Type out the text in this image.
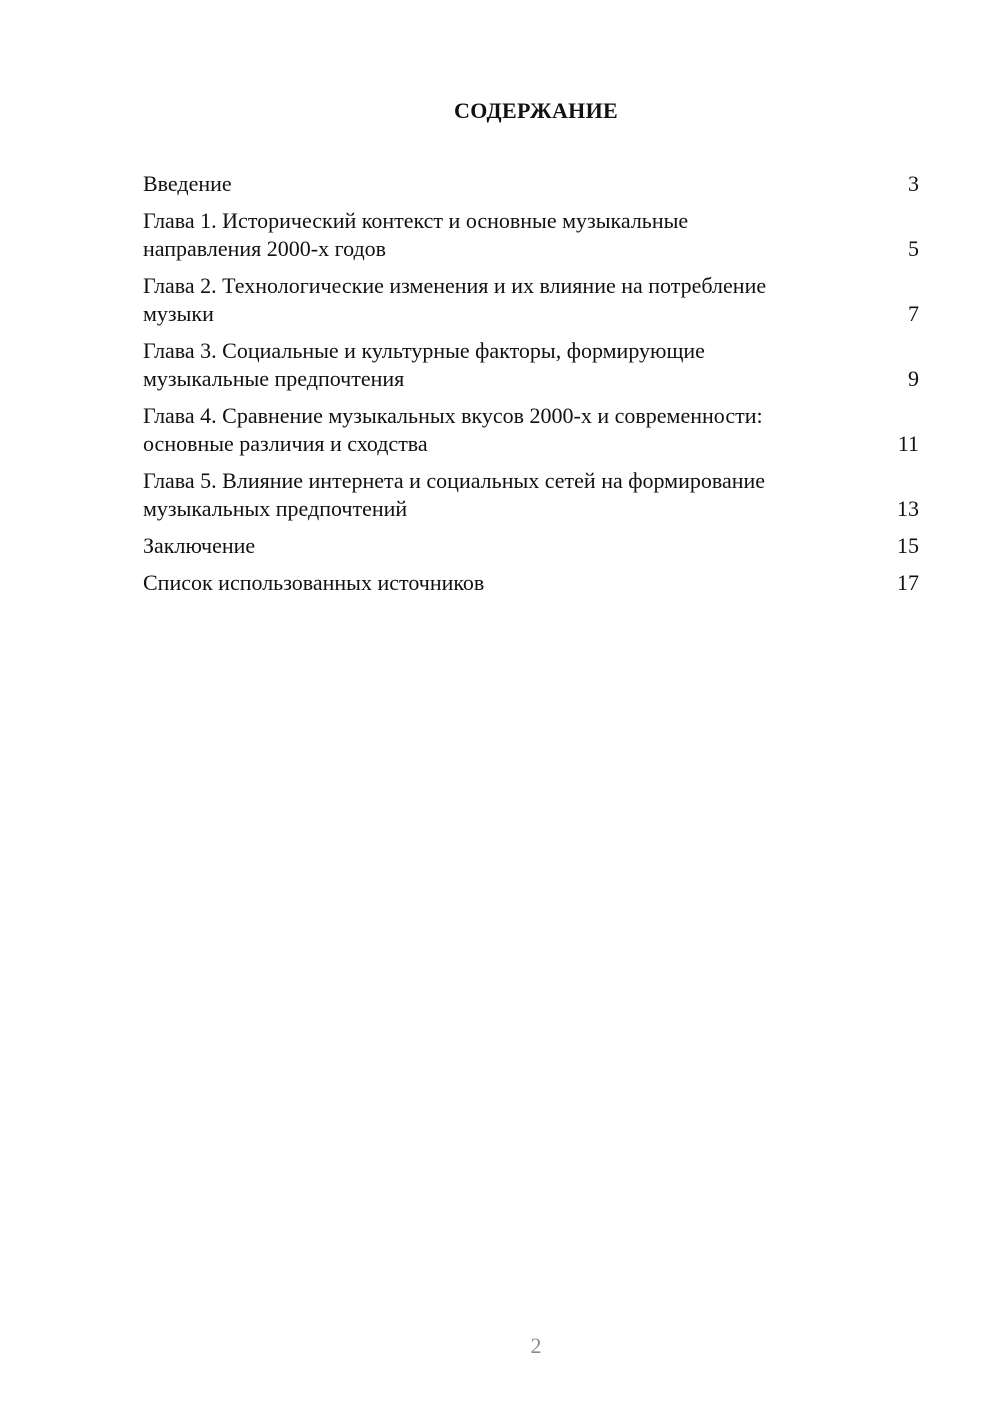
СОДЕРЖАНИЕ
Введение	3
Глава 1. Исторический контекст и основные музыкальные направления 2000-х годов	5
Глава 2. Технологические изменения и их влияние на потребление музыки	7
Глава 3. Социальные и культурные факторы, формирующие музыкальные предпочтения	9
Глава 4. Сравнение музыкальных вкусов 2000-х и современности: основные различия и сходства	11
Глава 5. Влияние интернета и социальных сетей на формирование музыкальных предпочтений	13
Заключение	15
Список использованных источников	17
2
